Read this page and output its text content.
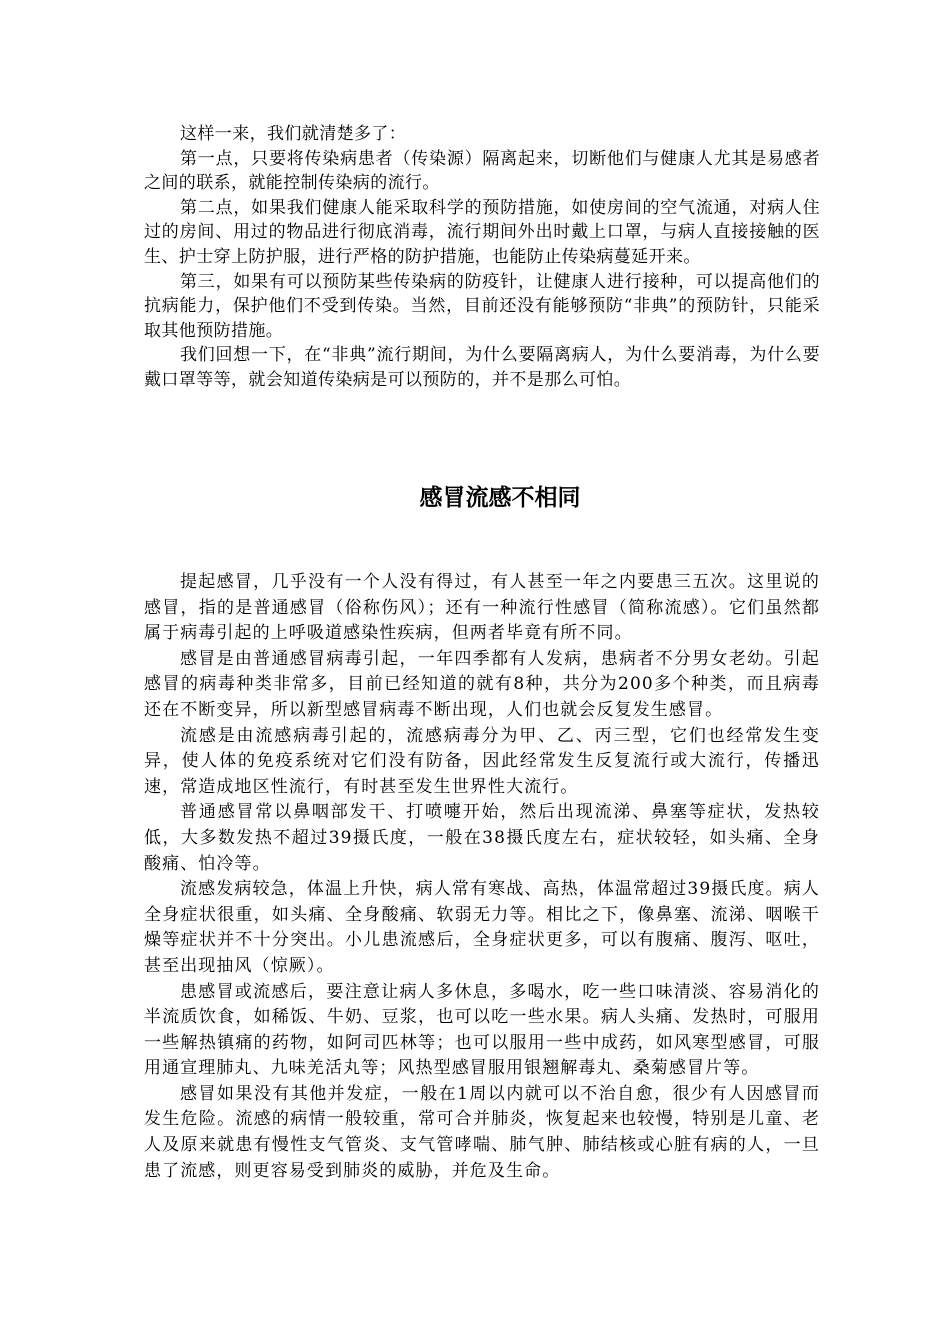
这样一来，我们就清楚多了：

第一点，只要将传染病患者（传染源）隔离起来，切断他们与健康人尤其是易感者之间的联系，就能控制传染病的流行。

第二点，如果我们健康人能采取科学的预防措施，如使房间的空气流通，对病人住过的房间、用过的物品进行彻底消毒，流行期间外出时戴上口罩，与病人直接接触的医生、护士穿上防护服，进行严格的防护措施，也能防止传染病蔓延开来。

第三，如果有可以预防某些传染病的防疫针，让健康人进行接种，可以提高他们的抗病能力，保护他们不受到传染。当然，目前还没有能够预防“非典”的预防针，只能采取其他预防措施。

我们回想一下，在“非典”流行期间，为什么要隔离病人，为什么要消毒，为什么要戴口罩等等，就会知道传染病是可以预防的，并不是那么可怕。

感冒流感不相同

提起感冒，几乎没有一个人没有得过，有人甚至一年之内要患三五次。这里说的感冒，指的是普通感冒（俗称伤风）；还有一种流行性感冒（简称流感）。它们虽然都属于病毒引起的上呼吸道感染性疾病，但两者毕竟有所不同。

感冒是由普通感冒病毒引起，一年四季都有人发病，患病者不分男女老幼。引起感冒的病毒种类非常多，目前已经知道的就有8种，共分为200多个种类，而且病毒还在不断变异，所以新型感冒病毒不断出现，人们也就会反复发生感冒。

流感是由流感病毒引起的，流感病毒分为甲、乙、丙三型，它们也经常发生变异，使人体的免疫系统对它们没有防备，因此经常发生反复流行或大流行，传播迅速，常造成地区性流行，有时甚至发生世界性大流行。

普通感冒常以鼻咽部发干、打喷嚏开始，然后出现流涕、鼻塞等症状，发热较低，大多数发热不超过39摄氏度，一般在38摄氏度左右，症状较轻，如头痛、全身酸痛、怕冷等。

流感发病较急，体温上升快，病人常有寒战、高热，体温常超过39摄氏度。病人全身症状很重，如头痛、全身酸痛、软弱无力等。相比之下，像鼻塞、流涕、咽喉干燥等症状并不十分突出。小儿患流感后，全身症状更多，可以有腹痛、腹泻、呕吐，甚至出现抽风（惊厥）。

患感冒或流感后，要注意让病人多休息，多喝水，吃一些口味清淡、容易消化的半流质饮食，如稀饭、牛奶、豆浆，也可以吃一些水果。病人头痛、发热时，可服用一些解热镇痛的药物，如阿司匹林等；也可以服用一些中成药，如风寒型感冒，可服用通宣理肺丸、九味羌活丸等；风热型感冒服用银翘解毒丸、桑菊感冒片等。

感冒如果没有其他并发症，一般在1周以内就可以不治自愈，很少有人因感冒而发生危险。流感的病情一般较重，常可合并肺炎，恢复起来也较慢，特别是儿童、老人及原来就患有慢性支气管炎、支气管哮喘、肺气肿、肺结核或心脏有病的人，一旦患了流感，则更容易受到肺炎的威胁，并危及生命。
